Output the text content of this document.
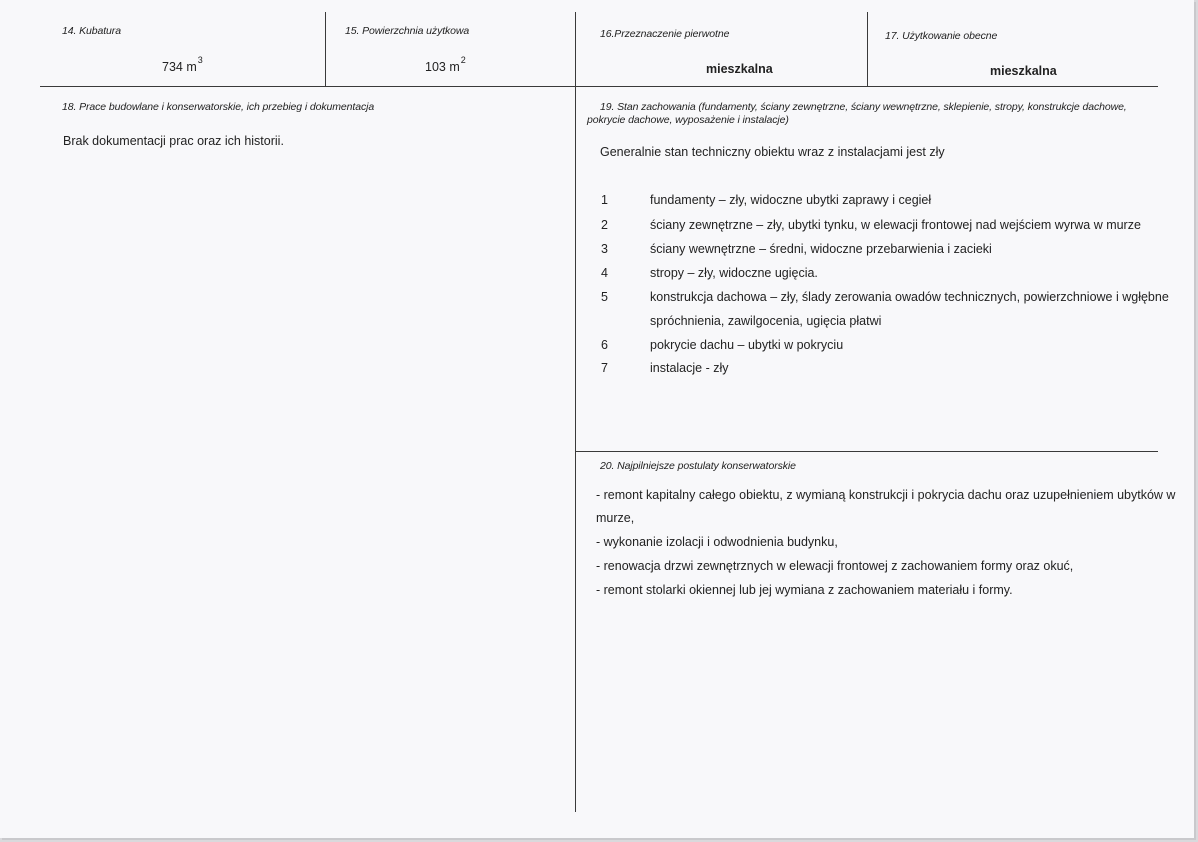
14. Kubatura
734 $m^3$
15. Powierzchnia użytkowa
103 $m^2$
16.Przeznaczenie pierwotne
mieszkalna
17. Użytkowanie obecne
mieszkalna
18. Prace budowlane i konserwatorskie, ich przebieg i dokumentacja
Brak dokumentacji prac oraz ich historii.
19. Stan zachowania (fundamenty, ściany zewnętrzne, ściany wewnętrzne, sklepienie, stropy, konstrukcje dachowe,
pokrycie dachowe, wyposażenie i instalacje)
Generalnie stan techniczny obiektu wraz z instalacjami jest zły
1	fundamenty – zły, widoczne ubytki zaprawy i cegieł
2	ściany zewnętrzne – zły, ubytki tynku, w elewacji frontowej nad wejściem wyrwa w murze
3	ściany wewnętrzne – średni, widoczne przebarwienia i zacieki
4	stropy – zły, widoczne ugięcia.
5	konstrukcja dachowa – zły, ślady zerowania owadów technicznych, powierzchniowe i wgłębne
spróchnienia, zawilgocenia, ugięcia płatwi
6	pokrycie dachu – ubytki w pokryciu
7	instalacje - zły
20. Najpilniejsze postulaty konserwatorskie
- remont kapitalny całego obiektu, z wymianą konstrukcji i pokrycia dachu oraz uzupełnieniem ubytków w
murze,
- wykonanie izolacji i odwodnienia budynku,
- renowacja drzwi zewnętrznych w elewacji frontowej z zachowaniem formy oraz okuć,
- remont stolarki okiennej lub jej wymiana z zachowaniem materiału i formy.
